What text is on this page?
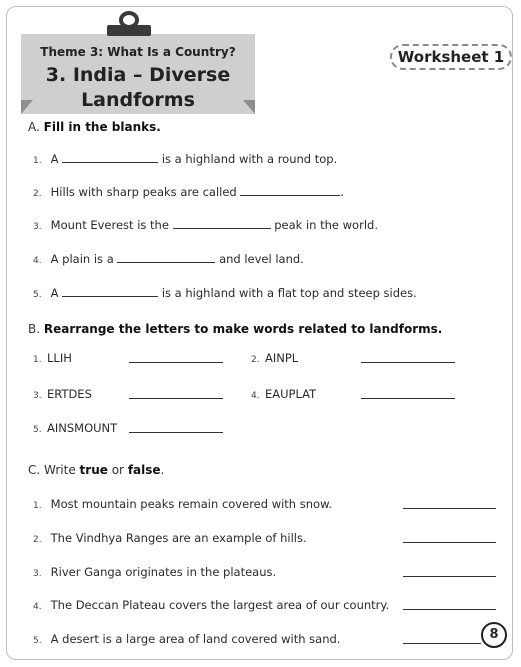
Theme 3: What Is a Country?
3. India – Diverse
Landforms
Worksheet 1
A. Fill in the blanks.
1. A	is a highland with a round top.
2. Hills with sharp peaks are called	.
3. Mount Everest is the	peak in the world.
4. A plain is a	and level land.
5. A	is a highland with a flat top and steep sides.
B. Rearrange the letters to make words related to landforms.
1. LLIH	2. AINPL
3. ERTDES	4. EAUPLAT
5. AINSMOUNT
C. Write true or false.
1. Most mountain peaks remain covered with snow.
2. The Vindhya Ranges are an example of hills.
3. River Ganga originates in the plateaus.
4. The Deccan Plateau covers the largest area of our country.
5. A desert is a large area of land covered with sand.	8
